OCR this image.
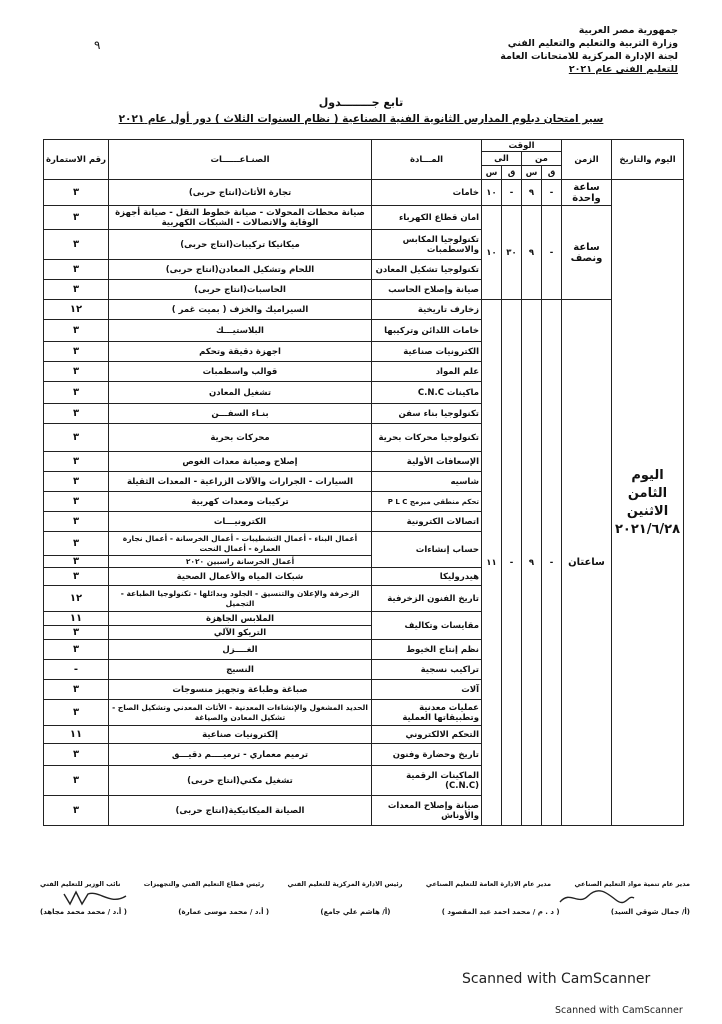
٩
جمهورية مصر العربية
وزارة التربية والتعليم والتعليم الفني
لجنة الإدارة المركزية للامتحانات العامة
للتعليم الفني عام ٢٠٢١
تابع جــــــــدول
سير امتحان دبلوم المدارس الثانوية الفنية الصناعية ( نظام السنوات الثلاث ) دور أول عام ٢٠٢١
اليوم والتاريخ	الزمن	الوقت				المـــادة	الصنـاعــــــات	رقم الاستمارة
		من		الى				
		ق	س	ق	س			
اليوم الثامن الاثنين ٢٠٢١/٦/٢٨	ساعة واحدة	-	٩	-	١٠	خامات	تجارة الأثاث(انتاج حربى)	٣
	ساعة ونصف	-	٩	٣٠	١٠	امان قطاع الكهرباء	صيانة محطات المحولات - صيانة خطوط النقل - صيانة أجهزة الوقاية والاتصالات - الشبكات الكهربية	٣
						تكنولوجيا المكابس والاسطمبات	ميكانيكا تركيبات(انتاج حربى)	٣
						تكنولوجيا تشكيل المعادن	اللحام وتشكيل المعادن(انتاج حربى)	٣
						صيانة وإصلاح الحاسب	الحاسبات(انتاج حربى)	٣
	ساعتان	-	٩	-	١١	زخارف تاريخية	السيراميك والخزف ( بميت غمر )	١٢
						خامات اللدائن وتركيبها	البلاستيـــك	٣
						الكترونيات صناعية	اجهزة دقيقة وتحكم	٣
						علم المواد	قوالب واسطمبات	٣
						ماكينات C.N.C	تشغيل المعادن	٣
						تكنولوجيا بناء سفن	بنـاء السفـــن	٣
						تكنولوجيا محركات بحرية	محركات بحرية	٣
						الإسعافات الأولية	إصلاح وصيانة معدات الغوص	٣
						شاسيه	السيارات - الجرارات والآلات الزراعية - المعدات الثقيلة	٣
						تحكم منطقي مبرمج P L C	تركيبات ومعدات كهربية	٣
						اتصالات الكترونية	الكترونيـــات	٣
						حساب إنشاءات	أعمال البناء - أعمال التشطيبات - أعمال الخرسانة - أعمال نجارة العمارة - أعمال النحت	٣
							أعمال الخرسانة راسبين ٢٠٢٠	٣
						هيدروليكا	شبكات المياه والأعمال الصحية	٣
						تاريخ الفنون الزخرفية	الزخرفة والإعلان والتنسيق - الجلود وبدائلها - تكنولوجيا الطباعة - التجميل	١٢
						مقايسات وتكاليف	الملابس الجاهزة	١١
							التريكو الآلي	٣
						نظم إنتاج الخيوط	الغــــزل	٣
						تراكيب نسجية	النسيج	-
						آلات	صباغة وطباعة وتجهيز منسوجات	٣
						عمليات معدنية وتطبيقاتها العملية	الحديد المشغول والإنشاءات المعدنية - الأثاث المعدني وتشكيل الصاج - تشكيل المعادن والصياغة	٣
						التحكم الالكتروني	إلكترونيات صناعية	١١
						تاريخ وحضارة وفنون	ترميم معماري - ترميــــم دقيـــق	٣
						الماكينات الرقمية (C.N.C)	تشغيل مكني(انتاج حربى)	٣
						صيانة وإصلاح المعدات والأوناش	الصيانة الميكانيكية(انتاج حربى)	٣
مدير عام تنمية مواد التعليم الصناعي
مدير عام الادارة العامة للتعليم الصناعي
رئيس الادارة المركزية للتعليم الفني
رئيس قطاع التعليم الفني والتجهيزات
نائب الوزير للتعليم الفني
(أ/ جمال شوقي السيد)
( د . م / محمد احمد عبد المقصود )
(أ/ هاشم علي جامع)
( أ.د / محمد موسى عمارة)
( أ.د / محمد محمد مجاهد)
Scanned with CamScanner
Scanned with CamScanner
